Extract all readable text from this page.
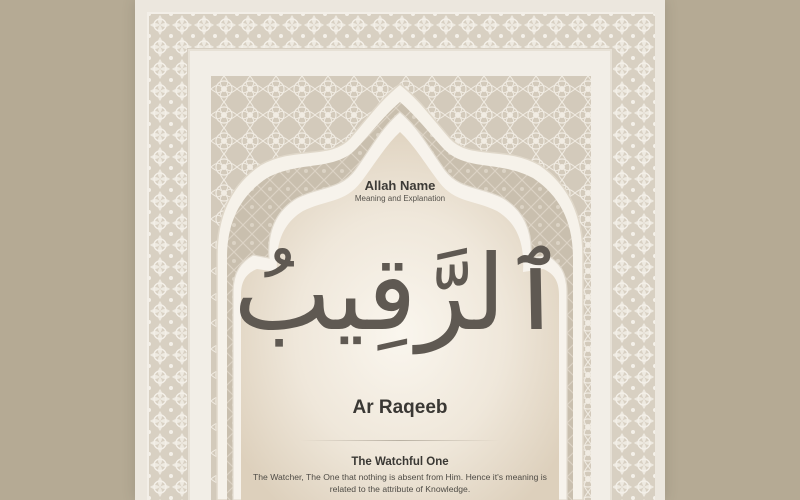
Allah Name
Meaning and Explanation
ٱلرَّقِيبُ
Ar Raqeeb
The Watchful One
The Watcher, The One that nothing is absent from Him. Hence it's meaning is related to the attribute of Knowledge.
